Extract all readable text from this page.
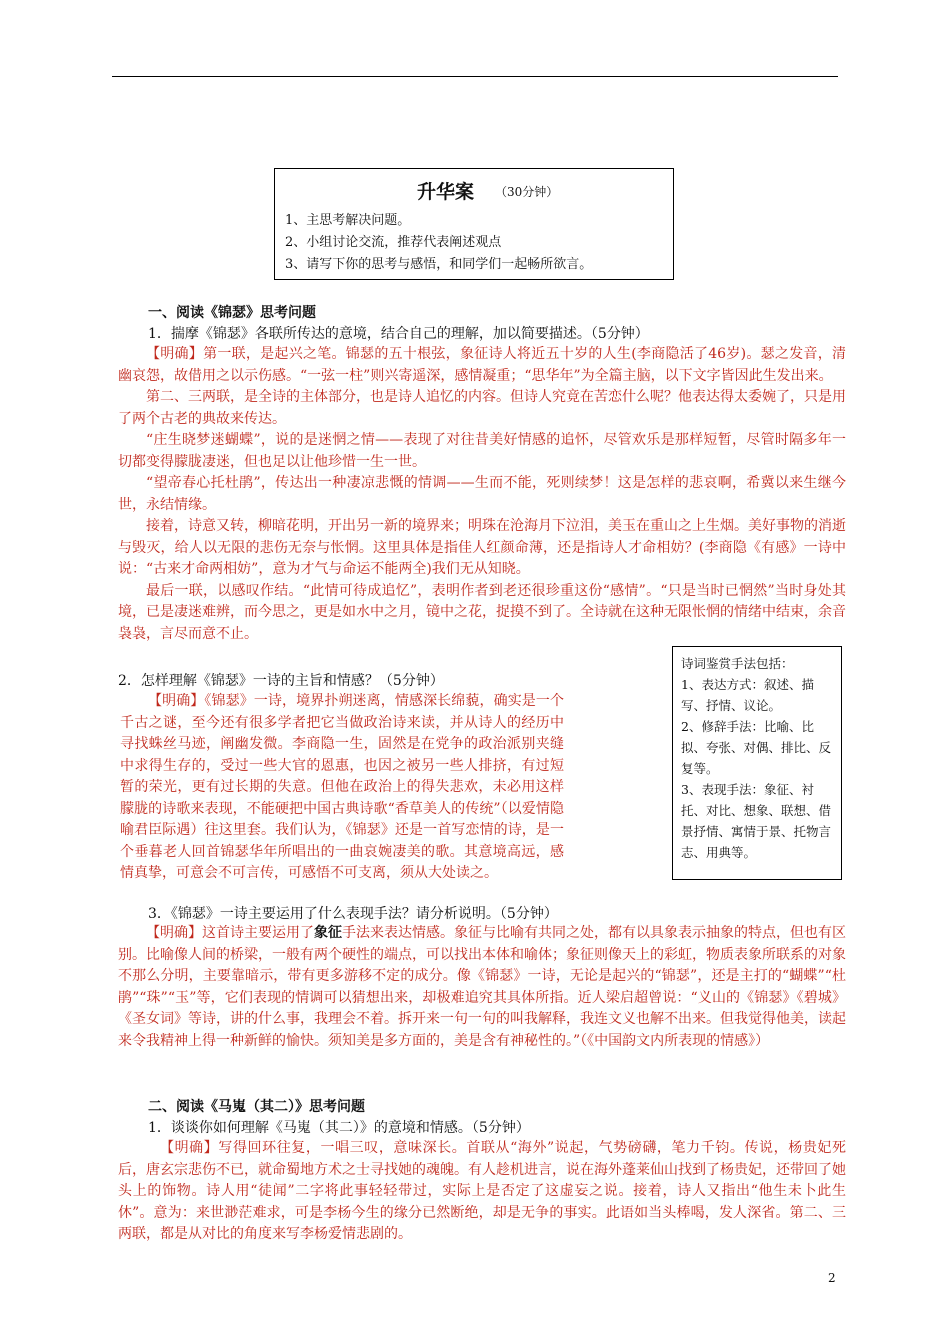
升华案 （30分钟）
1、主思考解决问题。
2、小组讨论交流，推荐代表阐述观点
3、请写下你的思考与感悟，和同学们一起畅所欲言。
一、阅读《锦瑟》思考问题
1．揣摩《锦瑟》各联所传达的意境，结合自己的理解，加以简要描述。（5分钟）
【明确】第一联，是起兴之笔。锦瑟的五十根弦，象征诗人将近五十岁的人生(李商隐活了46岁)。瑟之发音，清幽哀怨，故借用之以示伤感。“一弦一柱”则兴寄遥深，感情凝重；“思华年”为全篇主脑，以下文字皆因此生发出来。
第二、三两联，是全诗的主体部分，也是诗人追忆的内容。但诗人究竟在苦恋什么呢？他表达得太委婉了，只是用了两个古老的典故来传达。
“庄生晓梦迷蝴蝶”，说的是迷惘之情——表现了对往昔美好情感的追怀，尽管欢乐是那样短暂，尽管时隔多年一切都变得朦胧凄迷，但也足以让他珍惜一生一世。
“望帝春心托杜鹃”，传达出一种凄凉悲慨的情调——生而不能，死则续梦！这是怎样的悲哀啊，希冀以来生继今世，永结情缘。
接着，诗意又转，柳暗花明，开出另一新的境界来；明珠在沧海月下泣泪，美玉在重山之上生烟。美好事物的消逝与毁灭，给人以无限的悲伤无奈与怅惘。这里具体是指佳人红颜命薄，还是指诗人才命相妨？(李商隐《有感》一诗中说：“古来才命两相妨”，意为才气与命运不能两全)我们无从知晓。
最后一联，以感叹作结。“此情可待成追忆”，表明作者到老还很珍重这份“感情”。“只是当时已惘然”当时身处其境，已是凄迷难辨，而今思之，更是如水中之月，镜中之花，捉摸不到了。全诗就在这种无限怅惘的情绪中结束，余音袅袅，言尽而意不止。
2．怎样理解《锦瑟》一诗的主旨和情感？（5分钟）
【明确】《锦瑟》一诗，境界扑朔迷离，情感深长绵藐，确实是一个千古之谜，至今还有很多学者把它当做政治诗来读，并从诗人的经历中寻找蛛丝马迹，阐幽发微。李商隐一生，固然是在党争的政治派别夹缝中求得生存的，受过一些大官的恩惠，也因之被另一些人排挤，有过短暂的荣光，更有过长期的失意。但他在政治上的得失悲欢，未必用这样朦胧的诗歌来表现，不能硬把中国古典诗歌“香草美人的传统”（以爱情隐喻君臣际遇）往这里套。我们认为，《锦瑟》还是一首写恋情的诗，是一个垂暮老人回首锦瑟华年所唱出的一曲哀婉凄美的歌。其意境高远，感情真挚，可意会不可言传，可感悟不可支离，须从大处读之。
诗词鉴赏手法包括：
1、表达方式：叙述、描写、抒情、议论。
2、修辞手法：比喻、比拟、夸张、对偶、排比、反复等。
3、表现手法：象征、衬托、对比、想象、联想、借景抒情、寓情于景、托物言志、用典等。
3．《锦瑟》一诗主要运用了什么表现手法？请分析说明。（5分钟）
【明确】这首诗主要运用了象征手法来表达情感。象征与比喻有共同之处，都有以具象表示抽象的特点，但也有区别。比喻像人间的桥梁，一般有两个硬性的端点，可以找出本体和喻体；象征则像天上的彩虹，物质表象所联系的对象不那么分明，主要靠暗示，带有更多游移不定的成分。像《锦瑟》一诗，无论是起兴的“锦瑟”，还是主打的“蝴蝶”“杜鹃”“珠”“玉”等，它们表现的情调可以猜想出来，却极难追究其具体所指。近人梁启超曾说：“义山的《锦瑟》《碧城》《圣女词》等诗，讲的什么事，我理会不着。拆开来一句一句的叫我解释，我连文义也解不出来。但我觉得他美，读起来令我精神上得一种新鲜的愉快。须知美是多方面的，美是含有神秘性的。”（《中国韵文内所表现的情感》）
二、阅读《马嵬（其二）》思考问题
1．谈谈你如何理解《马嵬（其二）》的意境和情感。（5分钟）
【明确】写得回环往复，一唱三叹，意味深长。首联从“海外”说起，气势磅礴，笔力千钧。传说，杨贵妃死后，唐玄宗悲伤不已，就命蜀地方术之士寻找她的魂魄。有人趁机进言，说在海外蓬莱仙山找到了杨贵妃，还带回了她头上的饰物。诗人用“徒闻”二字将此事轻轻带过，实际上是否定了这虚妄之说。接着，诗人又指出“他生未卜此生休”。意为：来世渺茫难求，可是李杨今生的缘分已然断绝，却是无争的事实。此语如当头棒喝，发人深省。第二、三两联，都是从对比的角度来写李杨爱情悲剧的。
2
